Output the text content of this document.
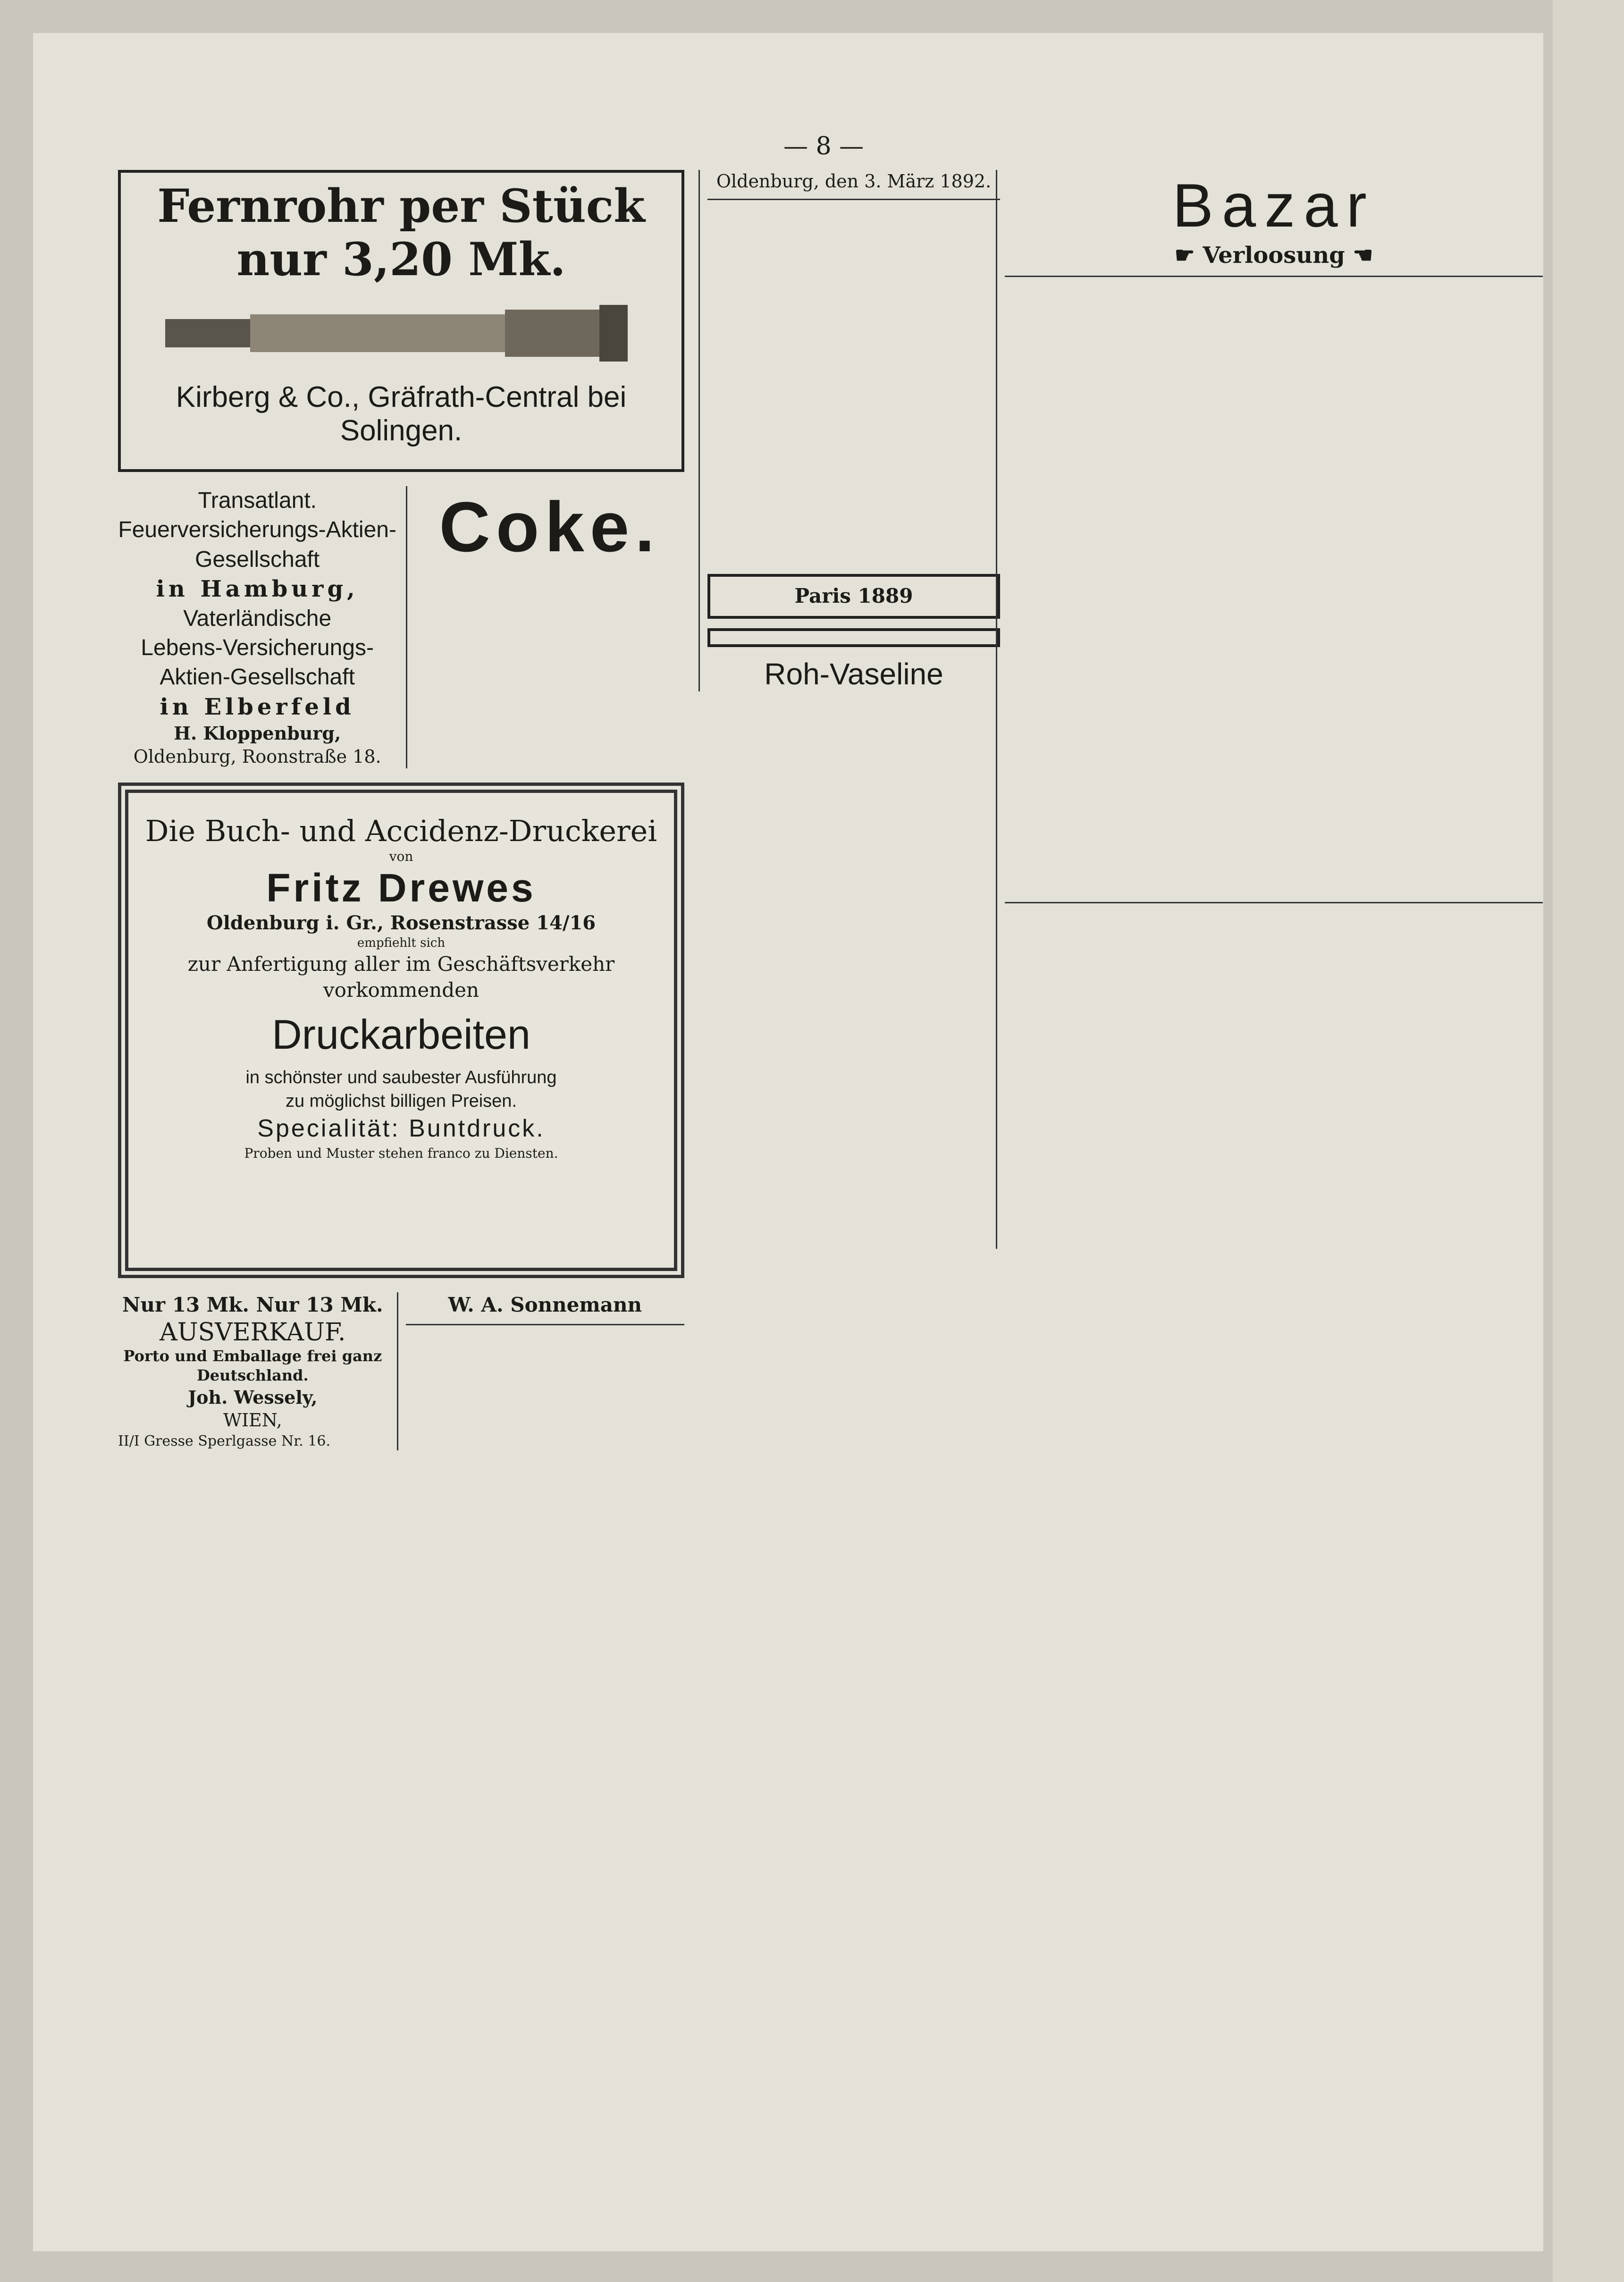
— 8 —
Fernrohr per Stück nur 3,20 Mk.
Kirberg & Co., Gräfrath-Central bei Solingen.
Transatlant.
Feuerversicherungs-Aktien-
Gesellschaft
in Hamburg,
Vaterländische
Lebens-Versicherungs-
Aktien-Gesellschaft
in Elberfeld
H. Kloppenburg,
Oldenburg, Roonstraße 18.
Coke.
Die Buch- und Accidenz-Druckerei
von
Fritz Drewes
Oldenburg i. Gr., Rosenstrasse 14/16
empfiehlt sich
zur Anfertigung aller im Geschäftsverkehr vorkommenden
Druckarbeiten
in schönster und saubester Ausführung
zu möglichst billigen Preisen.
Specialität: Buntdruck.
Proben und Muster stehen franco zu Diensten.
Nur 13 Mk. Nur 13 Mk.
AUSVERKAUF.
Porto und Emballage frei ganz Deutschland.
Joh. Wessely,
WIEN,
II/I Gresse Sperlgasse Nr. 16.
W. A. Sonnemann
Oldenburg, den 3. März 1892.
Paris 1889
Roh-Vaseline
Bazar
☛ Verloosung ☚
